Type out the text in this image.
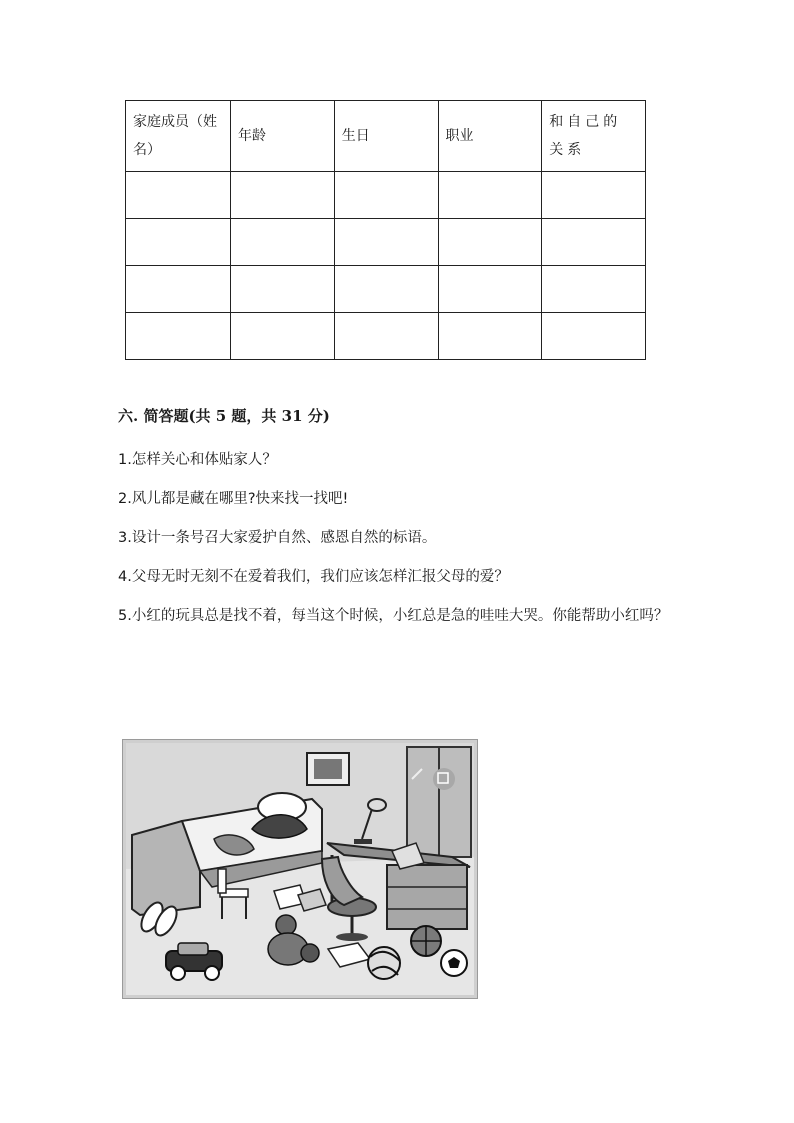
家庭成员（姓名）	年龄	生日	职业	和自己的关系

六. 简答题(共 5 题，共 31 分)
1.怎样关心和体贴家人？
2.风儿都是藏在哪里?快来找一找吧!
3.设计一条号召大家爱护自然、感恩自然的标语。
4.父母无时无刻不在爱着我们，我们应该怎样汇报父母的爱？
5.小红的玩具总是找不着，每当这个时候，小红总是急的哇哇大哭。你能帮助小红吗？
